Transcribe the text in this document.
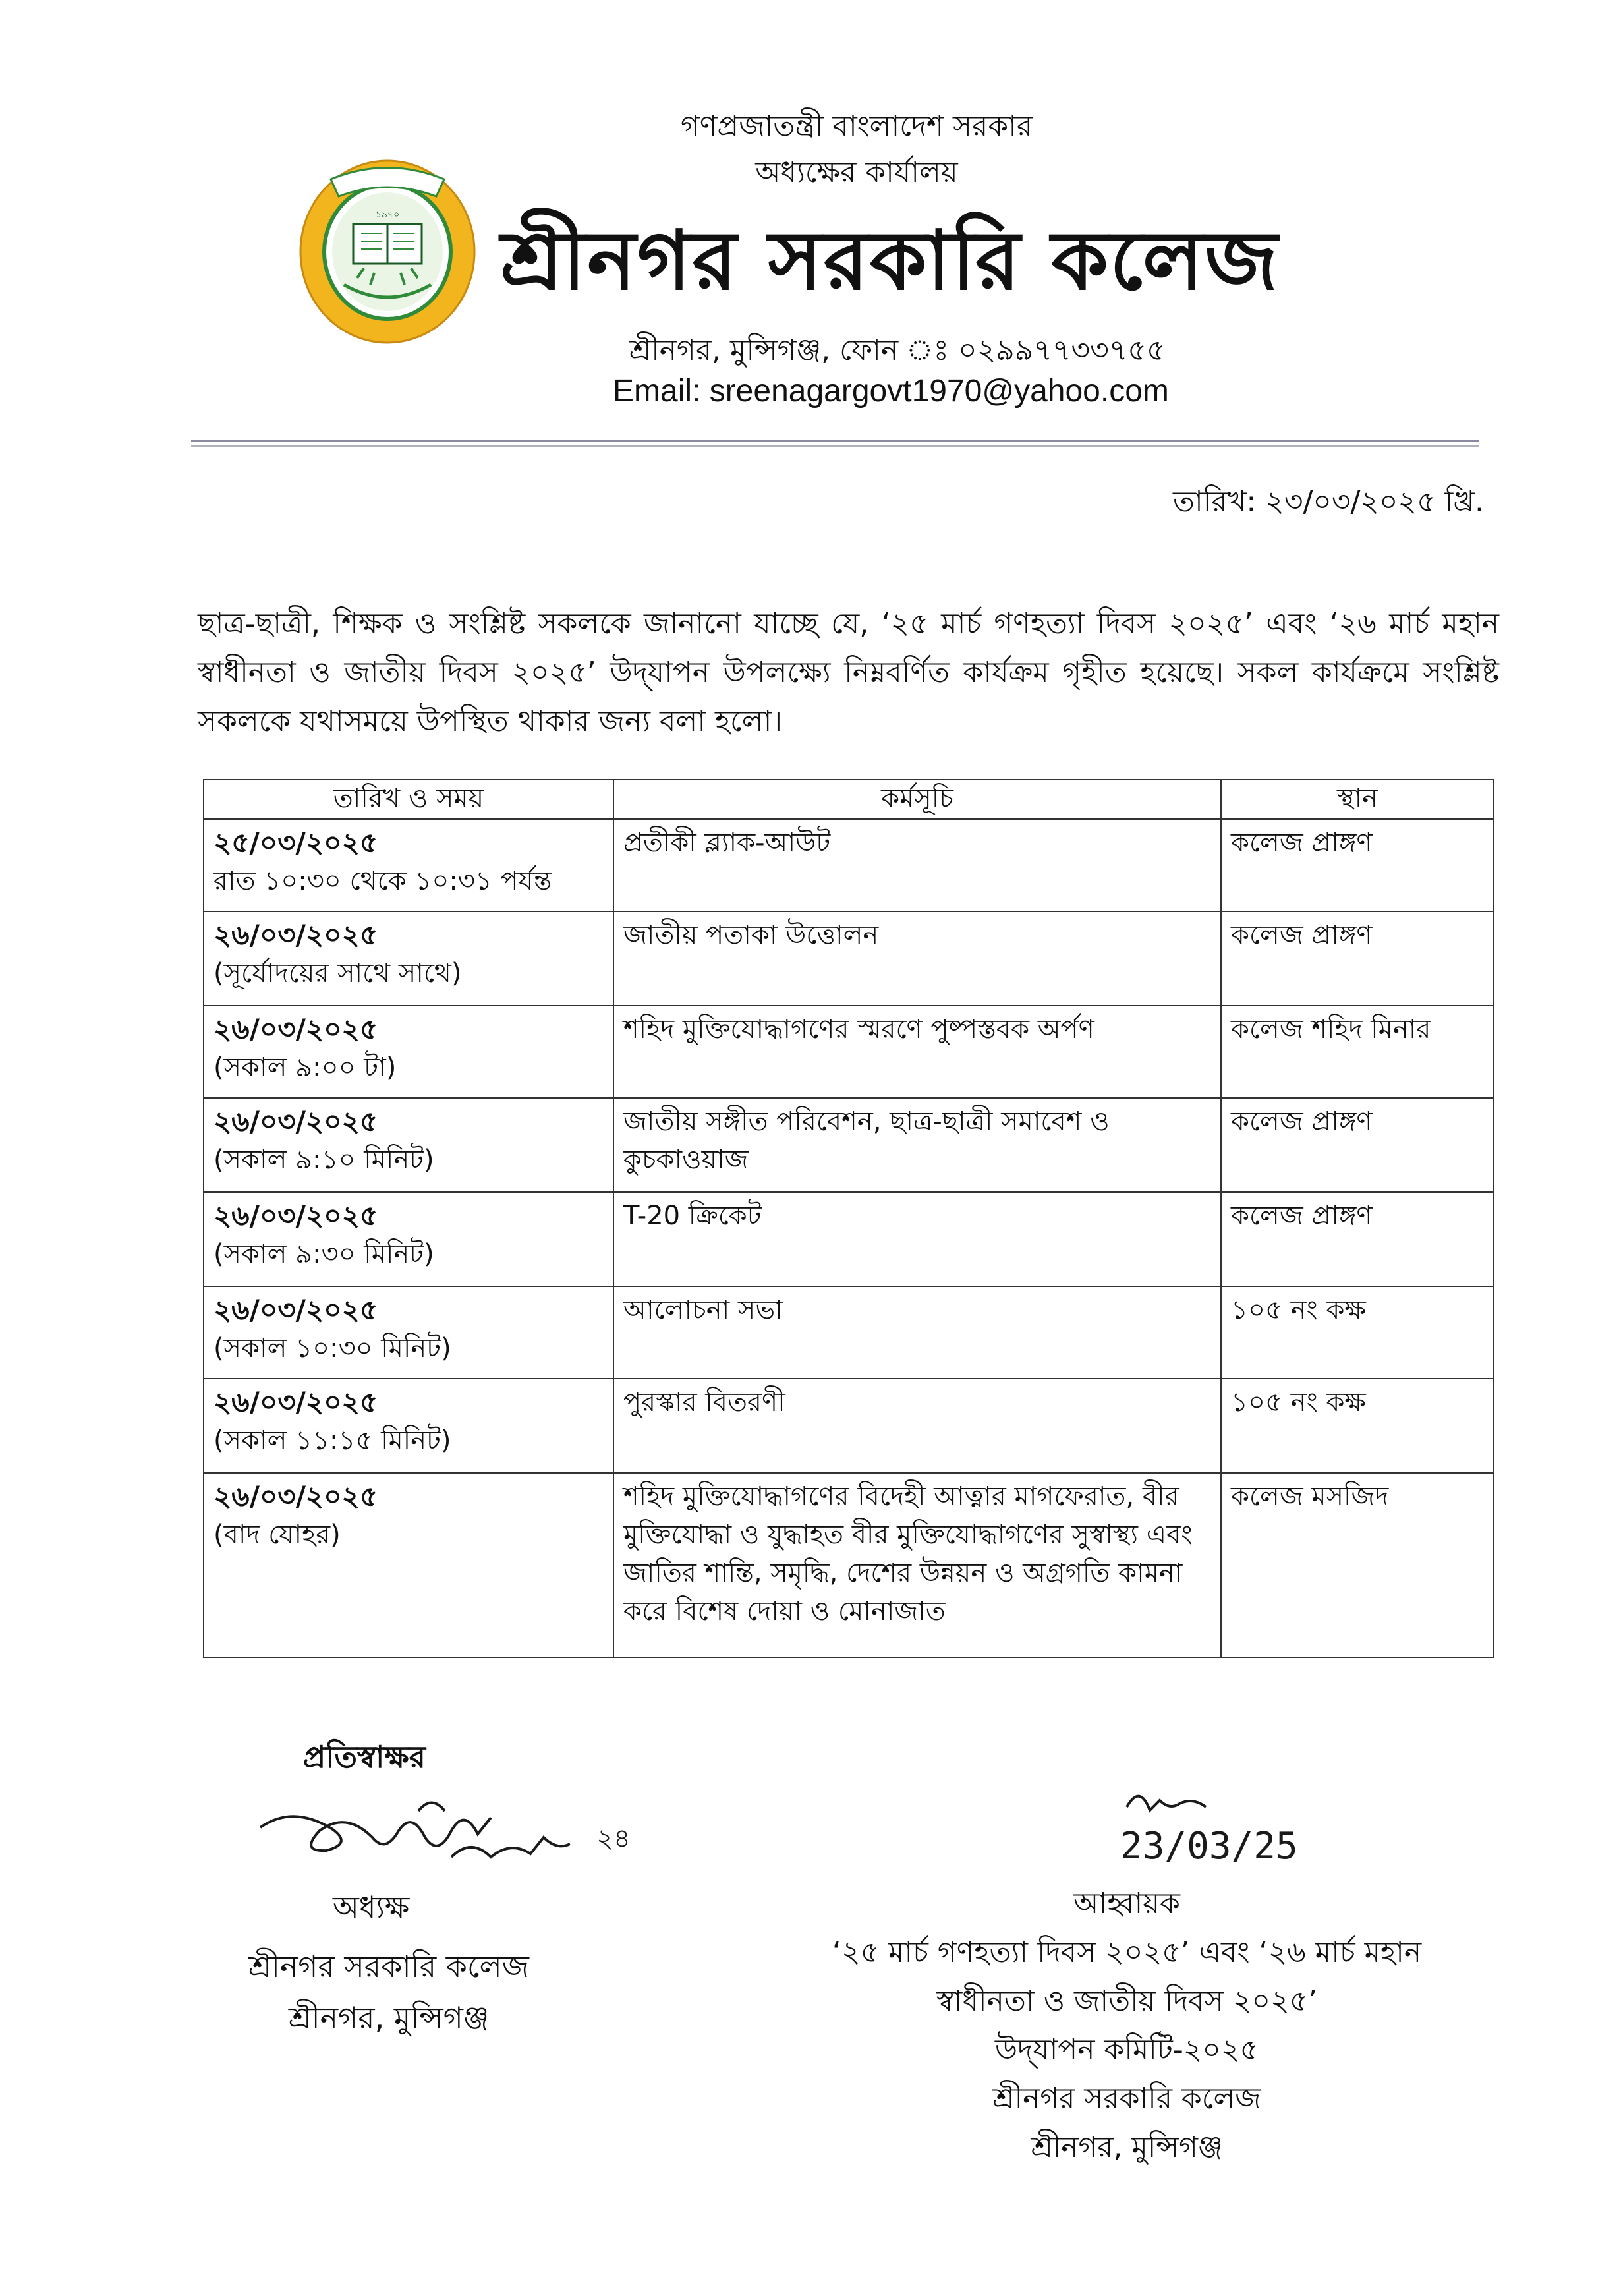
গণপ্রজাতন্ত্রী বাংলাদেশ সরকার
অধ্যক্ষের কার্যালয়
১৯৭০ শ্রীনগর সরকারি কলেজ
শ্রীনগর, মুন্সিগঞ্জ, ফোন ঃ ০২৯৯৭৭৩৩৭৫৫
Email: sreenagargovt1970@yahoo.com
তারিখ: ২৩/০৩/২০২৫ খ্রি.
ছাত্র-ছাত্রী, শিক্ষক ও সংশ্লিষ্ট সকলকে জানানো যাচ্ছে যে, ‘২৫ মার্চ গণহত্যা দিবস ২০২৫’ এবং ‘২৬ মার্চ মহান স্বাধীনতা ও জাতীয় দিবস ২০২৫’ উদ্‌যাপন উপলক্ষ্যে নিম্নবর্ণিত কার্যক্রম গৃহীত হয়েছে। সকল কার্যক্রমে সংশ্লিষ্ট সকলকে যথাসময়ে উপস্থিত থাকার জন্য বলা হলো।
তারিখ ও সময়	কর্মসূচি	স্থান

২৫/০৩/২০২৫
রাত ১০:৩০ থেকে ১০:৩১ পর্যন্ত	প্রতীকী ব্ল্যাক-আউট	কলেজ প্রাঙ্গণ

২৬/০৩/২০২৫
(সূর্যোদয়ের সাথে সাথে)	জাতীয় পতাকা উত্তোলন	কলেজ প্রাঙ্গণ

২৬/০৩/২০২৫
(সকাল ৯:০০ টা)	শহিদ মুক্তিযোদ্ধাগণের স্মরণে পুষ্পস্তবক অর্পণ	কলেজ শহিদ মিনার

২৬/০৩/২০২৫
(সকাল ৯:১০ মিনিট)	জাতীয় সঙ্গীত পরিবেশন, ছাত্র-ছাত্রী সমাবেশ ও কুচকাওয়াজ	কলেজ প্রাঙ্গণ

২৬/০৩/২০২৫
(সকাল ৯:৩০ মিনিট)	T-20 ক্রিকেট	কলেজ প্রাঙ্গণ

২৬/০৩/২০২৫
(সকাল ১০:৩০ মিনিট)	আলোচনা সভা	১০৫ নং কক্ষ

২৬/০৩/২০২৫
(সকাল ১১:১৫ মিনিট)	পুরস্কার বিতরণী	১০৫ নং কক্ষ

২৬/০৩/২০২৫
(বাদ যোহর)	শহিদ মুক্তিযোদ্ধাগণের বিদেহী আত্নার মাগফেরাত, বীর মুক্তিযোদ্ধা ও যুদ্ধাহত বীর মুক্তিযোদ্ধাগণের সুস্বাস্থ্য এবং জাতির শান্তি, সমৃদ্ধি, দেশের উন্নয়ন ও অগ্রগতি কামনা করে বিশেষ দোয়া ও মোনাজাত	কলেজ মসজিদ
প্রতিস্বাক্ষর
২৪
অধ্যক্ষ
শ্রীনগর সরকারি কলেজ
শ্রীনগর, মুন্সিগঞ্জ
23/03/25
আহ্বায়ক
‘২৫ মার্চ গণহত্যা দিবস ২০২৫’ এবং ‘২৬ মার্চ মহান
স্বাধীনতা ও জাতীয় দিবস ২০২৫’
উদ্‌যাপন কমিটি-২০২৫
শ্রীনগর সরকারি কলেজ
শ্রীনগর, মুন্সিগঞ্জ
